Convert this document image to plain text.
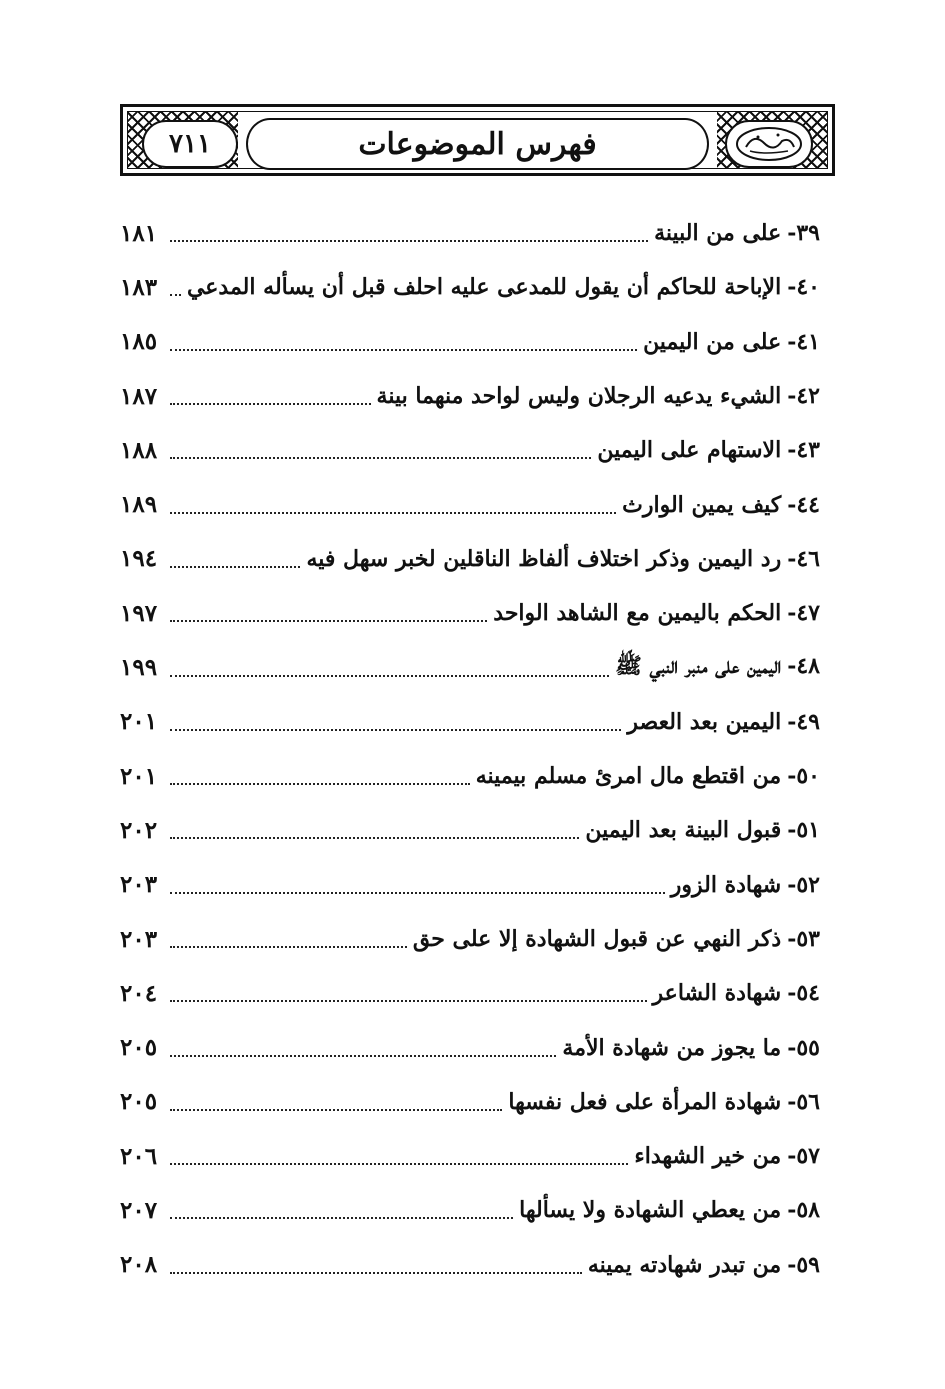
٧١١	فهرس الموضوعات
٣٩-على من البينة
١٨١
٤٠-الإباحة للحاكم أن يقول للمدعى عليه احلف قبل أن يسأله المدعي
١٨٣
٤١-على من اليمين
١٨٥
٤٢-الشيء يدعيه الرجلان وليس لواحد منهما بينة
١٨٧
٤٣-الاستهام على اليمين
١٨٨
٤٤-كيف يمين الوارث
١٨٩
٤٦-رد اليمين وذكر اختلاف ألفاظ الناقلين لخبر سهل فيه
١٩٤
٤٧-الحكم باليمين مع الشاهد الواحد
١٩٧
٤٨-اليمين على منبر النبي ﷺ
١٩٩
٤٩-اليمين بعد العصر
٢٠١
٥٠-من اقتطع مال امرئ مسلم بيمينه
٢٠١
٥١-قبول البينة بعد اليمين
٢٠٢
٥٢-شهادة الزور
٢٠٣
٥٣-ذكر النهي عن قبول الشهادة إلا على حق
٢٠٣
٥٤-شهادة الشاعر
٢٠٤
٥٥-ما يجوز من شهادة الأمة
٢٠٥
٥٦-شهادة المرأة على فعل نفسها
٢٠٥
٥٧-من خير الشهداء
٢٠٦
٥٨-من يعطي الشهادة ولا يسألها
٢٠٧
٥٩-من تبدر شهادته يمينه
٢٠٨
